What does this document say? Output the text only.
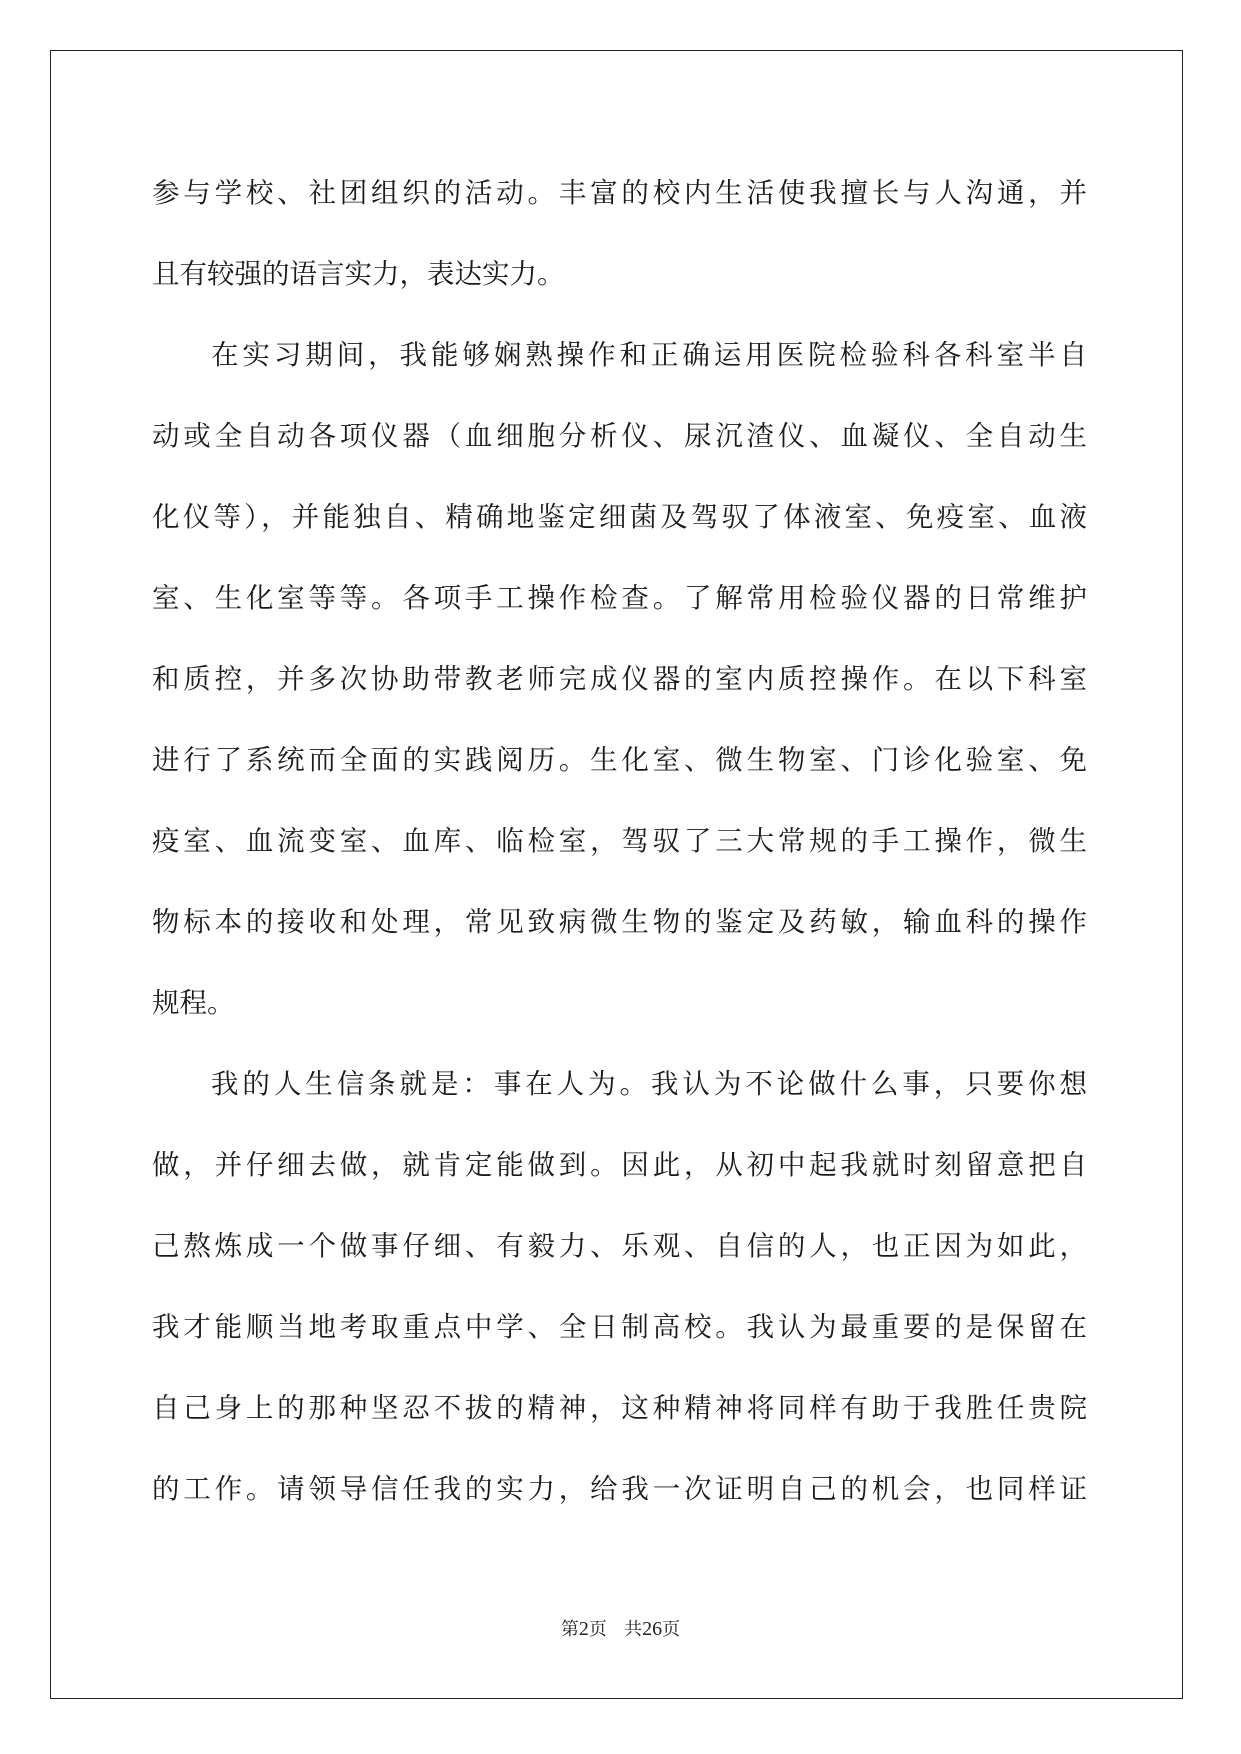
参与学校、社团组织的活动。丰富的校内生活使我擅长与人沟通，并
且有较强的语言实力，表达实力。
在实习期间，我能够娴熟操作和正确运用医院检验科各科室半自
动或全自动各项仪器（血细胞分析仪、尿沉渣仪、血凝仪、全自动生
化仪等），并能独自、精确地鉴定细菌及驾驭了体液室、免疫室、血液
室、生化室等等。各项手工操作检查。了解常用检验仪器的日常维护
和质控，并多次协助带教老师完成仪器的室内质控操作。在以下科室
进行了系统而全面的实践阅历。生化室、微生物室、门诊化验室、免
疫室、血流变室、血库、临检室，驾驭了三大常规的手工操作，微生
物标本的接收和处理，常见致病微生物的鉴定及药敏，输血科的操作
规程。
我的人生信条就是：事在人为。我认为不论做什么事，只要你想
做，并仔细去做，就肯定能做到。因此，从初中起我就时刻留意把自
己熬炼成一个做事仔细、有毅力、乐观、自信的人，也正因为如此，
我才能顺当地考取重点中学、全日制高校。我认为最重要的是保留在
自己身上的那种坚忍不拔的精神，这种精神将同样有助于我胜任贵院
的工作。请领导信任我的实力，给我一次证明自己的机会，也同样证
第2页 共26页
